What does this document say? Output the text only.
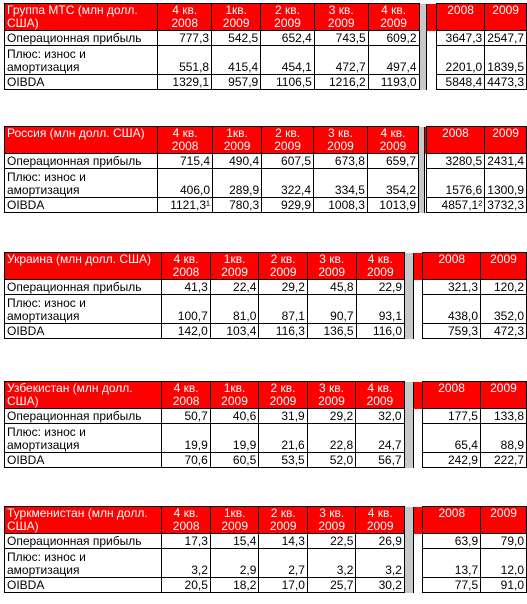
Группа МТС (млн долл. США)	4 кв. 2008	1кв. 2009	2 кв. 2009	3 кв. 2009	4 кв. 2009			2008	2009
Операционная прибыль	777,3	542,5	652,4	743,5	609,2			3647,3	2547,7
Плюс: износ и амортизация	551,8	415,4	454,1	472,7	497,4			2201,0	1839,5
OIBDA	1329,1	957,9	1106,5	1216,2	1193,0			5848,4	4473,3
Россия (млн долл. США)	4 кв. 2008	1кв. 2009	2 кв. 2009	3 кв. 2009	4 кв. 2009			2008	2009
Операционная прибыль	715,4	490,4	607,5	673,8	659,7			3280,5	2431,4
Плюс: износ и амортизация	406,0	289,9	322,4	334,5	354,2			1576,6	1300,9
OIBDA	1121,3¹	780,3	929,9	1008,3	1013,9			4857,1²	3732,3
Украина (млн долл. США)	4 кв. 2008	1кв. 2009	2 кв. 2009	3 кв. 2009	4 кв. 2009			2008	2009
Операционная прибыль	41,3	22,4	29,2	45,8	22,9			321,3	120,2
Плюс: износ и амортизация	100,7	81,0	87,1	90,7	93,1			438,0	352,0
OIBDA	142,0	103,4	116,3	136,5	116,0			759,3	472,3
Узбекистан (млн долл. США)	4 кв. 2008	1кв. 2009	2 кв. 2009	3 кв. 2009	4 кв. 2009			2008	2009
Операционная прибыль	50,7	40,6	31,9	29,2	32,0			177,5	133,8
Плюс: износ и амортизация	19,9	19,9	21,6	22,8	24,7			65,4	88,9
OIBDA	70,6	60,5	53,5	52,0	56,7			242,9	222,7
Туркменистан (млн долл. США)	4 кв. 2008	1кв. 2009	2 кв. 2009	3 кв. 2009	4 кв. 2009			2008	2009
Операционная прибыль	17,3	15,4	14,3	22,5	26,9			63,9	79,0
Плюс: износ и амортизация	3,2	2,9	2,7	3,2	3,2			13,7	12,0
OIBDA	20,5	18,2	17,0	25,7	30,2			77,5	91,0
